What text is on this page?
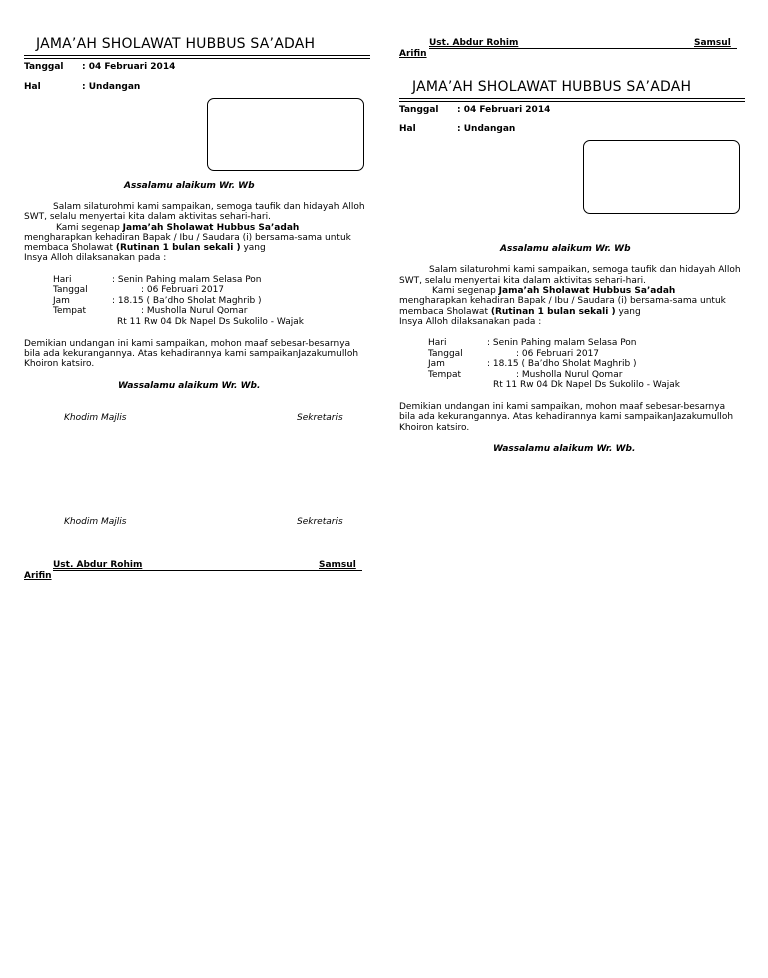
JAMA’AH SHOLAWAT HUBBUS SA’ADAH
Tanggal : 04 Februari 2014
Hal	: Undangan
Assalamu alaikum Wr. Wb
Salam silaturohmi kami sampaikan, semoga taufik dan hidayah Alloh
SWT, selalu menyertai kita dalam aktivitas sehari-hari.
Kami segenap Jama’ah Sholawat Hubbus Sa’adah
mengharapkan kehadiran Bapak / Ibu / Saudara (i) bersama-sama untuk
membaca Sholawat (Rutinan 1 bulan sekali ) yang
Insya Alloh dilaksanakan pada :
Hari	: Senin Pahing malam Selasa Pon
Tanggal	: 06 Februari 2017
Jam	: 18.15 ( Ba’dho Sholat Maghrib )
Tempat	: Musholla Nurul Qomar
Rt 11 Rw 04 Dk Napel Ds Sukolilo - Wajak
Demikian undangan ini kami sampaikan, mohon maaf sebesar-besarnya
bila ada kekurangannya. Atas kehadirannya kami sampaikanJazakumulloh
Khoiron katsiro.
Wassalamu alaikum Wr. Wb.
Khodim Majlis	Sekretaris
Khodim Majlis	Sekretaris
Ust. Abdur Rohim	Samsul
Arifin
Ust. Abdur Rohim	Samsul
Arifin
JAMA’AH SHOLAWAT HUBBUS SA’ADAH
Tanggal : 04 Februari 2014
Hal	: Undangan
Assalamu alaikum Wr. Wb
Salam silaturohmi kami sampaikan, semoga taufik dan hidayah Alloh
SWT, selalu menyertai kita dalam aktivitas sehari-hari.
Kami segenap Jama’ah Sholawat Hubbus Sa’adah
mengharapkan kehadiran Bapak / Ibu / Saudara (i) bersama-sama untuk
membaca Sholawat (Rutinan 1 bulan sekali ) yang
Insya Alloh dilaksanakan pada :
Hari	: Senin Pahing malam Selasa Pon
Tanggal	: 06 Februari 2017
Jam	: 18.15 ( Ba’dho Sholat Maghrib )
Tempat	: Musholla Nurul Qomar
Rt 11 Rw 04 Dk Napel Ds Sukolilo - Wajak
Demikian undangan ini kami sampaikan, mohon maaf sebesar-besarnya
bila ada kekurangannya. Atas kehadirannya kami sampaikanJazakumulloh
Khoiron katsiro.
Wassalamu alaikum Wr. Wb.
